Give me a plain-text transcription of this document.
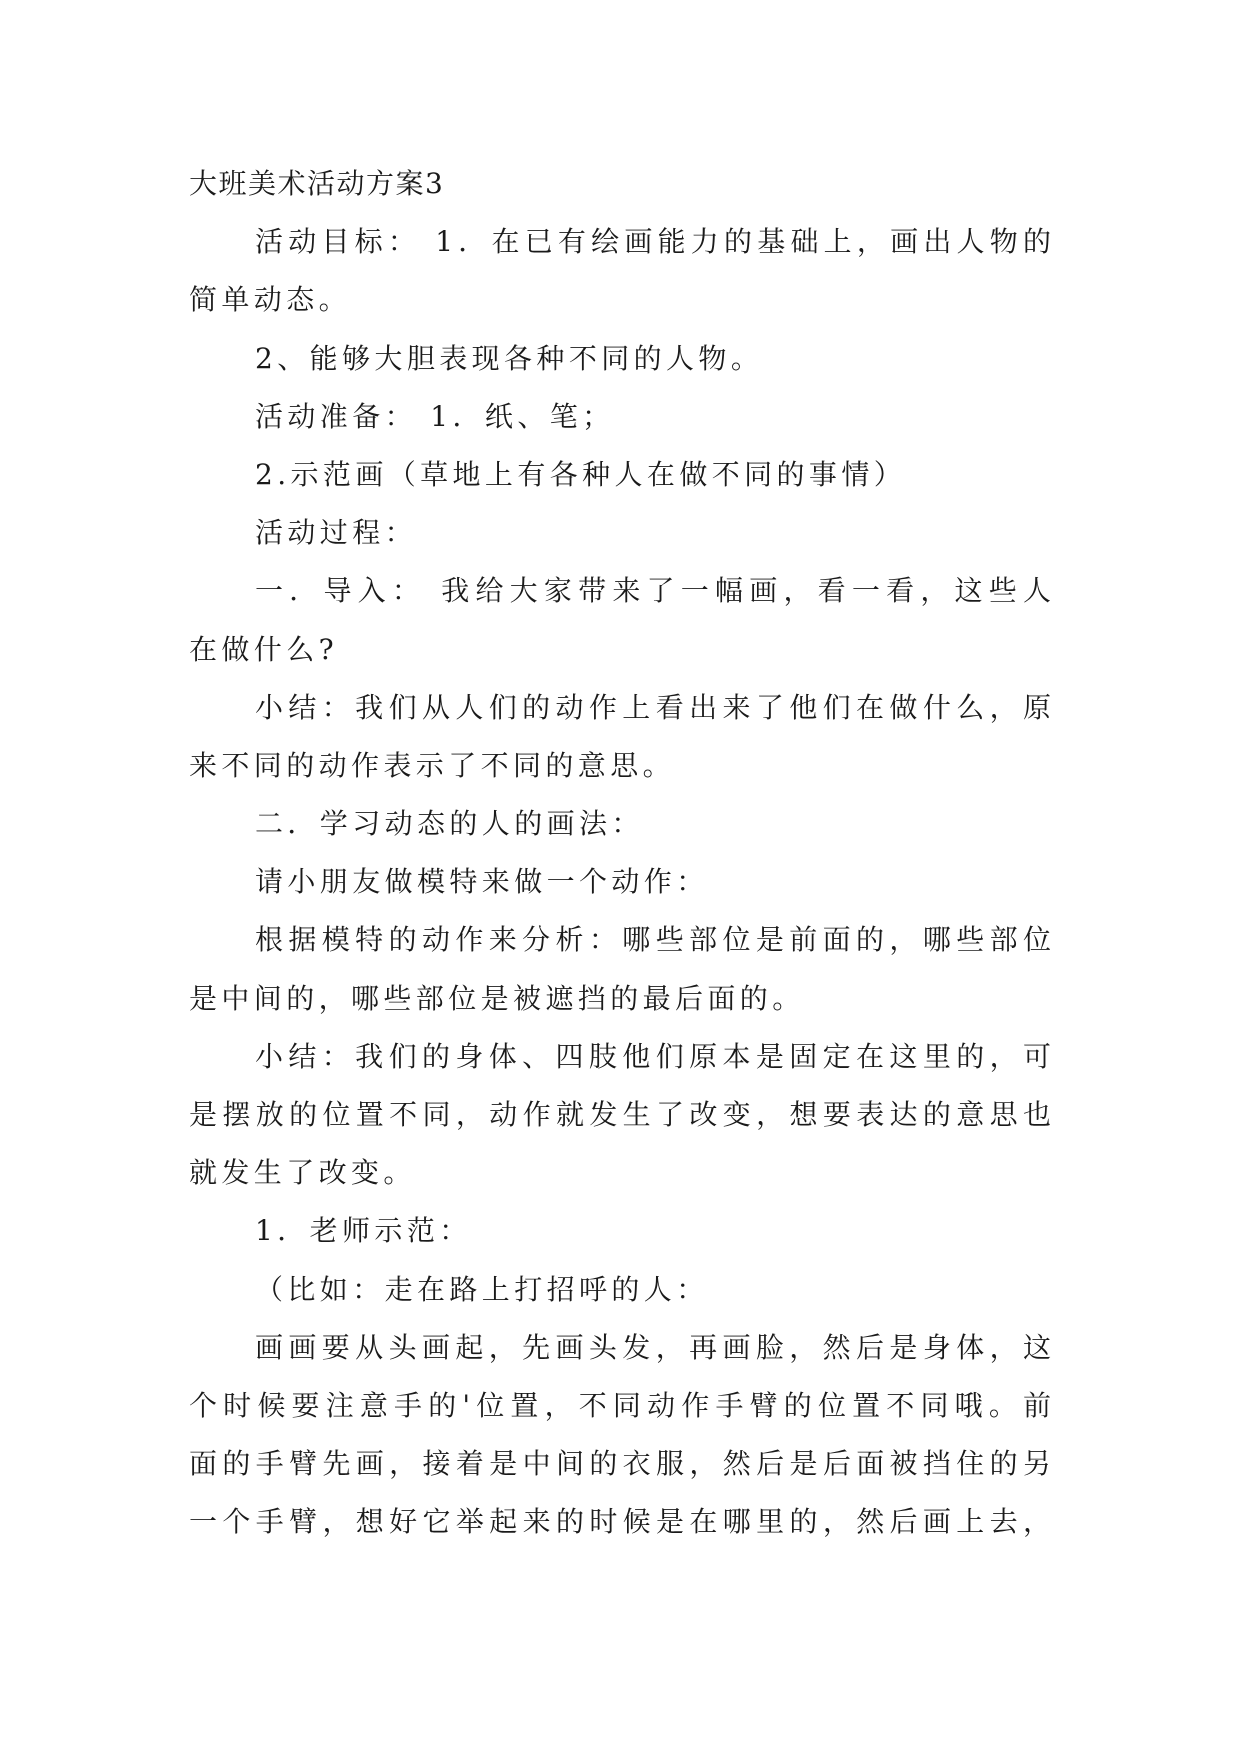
大班美术活动方案3
活动目标： 1．在已有绘画能力的基础上，画出人物的
简单动态。
2、能够大胆表现各种不同的人物。
活动准备： 1．纸、笔；
2.示范画（草地上有各种人在做不同的事情）
活动过程：
一．导入： 我给大家带来了一幅画，看一看，这些人
在做什么?
小结：我们从人们的动作上看出来了他们在做什么，原
来不同的动作表示了不同的意思。
二．学习动态的人的画法：
请小朋友做模特来做一个动作：
根据模特的动作来分析：哪些部位是前面的，哪些部位
是中间的，哪些部位是被遮挡的最后面的。
小结：我们的身体、四肢他们原本是固定在这里的，可
是摆放的位置不同，动作就发生了改变，想要表达的意思也
就发生了改变。
1．老师示范：
（比如：走在路上打招呼的人：
画画要从头画起，先画头发，再画脸，然后是身体，这
个时候要注意手的'位置，不同动作手臂的位置不同哦。前
面的手臂先画，接着是中间的衣服，然后是后面被挡住的另
一个手臂，想好它举起来的时候是在哪里的，然后画上去，
